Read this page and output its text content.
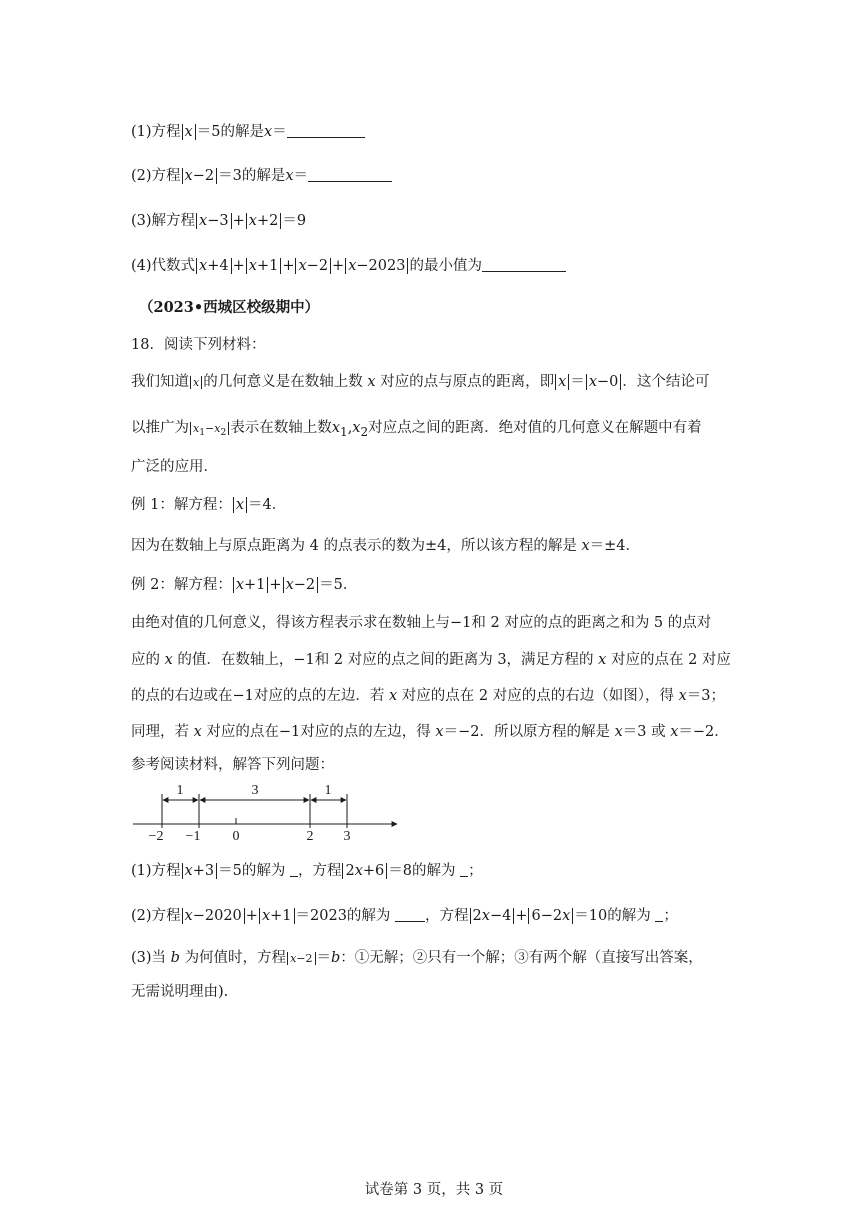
(1)方程 x ＝5的解是x＝
(2)方程 x−2 ＝3的解是x＝
(3)解方程 x−3 + x+2 ＝9
(4)代数式 x+4 + x+1 + x−2 + x−2023 的最小值为
（2023•西城区校级期中）
18．阅读下列材料：
我们知道 x 的几何意义是在数轴上数 x 对应的点与原点的距离，即 x ＝ x−0 ．这个结论可
以推广为 $x_1-x_2$ 表示在数轴上数$x_1,x_2$对应点之间的距离．绝对值的几何意义在解题中有着
广泛的应用．
例 1：解方程： x ＝4．
因为在数轴上与原点距离为 4 的点表示的数为±4，所以该方程的解是 x＝±4．
例 2：解方程： x+1 + x−2 ＝5．
由绝对值的几何意义，得该方程表示求在数轴上与−1和 2 对应的点的距离之和为 5 的点对
应的 x 的值．在数轴上，−1和 2 对应的点之间的距离为 3，满足方程的 x 对应的点在 2 对应
的点的右边或在−1对应的点的左边．若 x 对应的点在 2 对应的点的右边（如图），得 x＝3；
同理，若 x 对应的点在−1对应的点的左边，得 x＝−2．所以原方程的解是 x＝3 或 x＝−2．
参考阅读材料，解答下列问题：
1	3	1
−2 −1 0	2 3
(1)方程 x+3 ＝5的解为 ，方程 2x+6 ＝8的解为 ；
(2)方程 x−2020 + x+1 ＝2023的解为 ，方程 2x−4 + 6−2x ＝10的解为 ；
(3)当 b 为何值时，方程 x−2 ＝b：①无解；②只有一个解；③有两个解（直接写出答案，
无需说明理由).
试卷第 3 页，共 3 页
